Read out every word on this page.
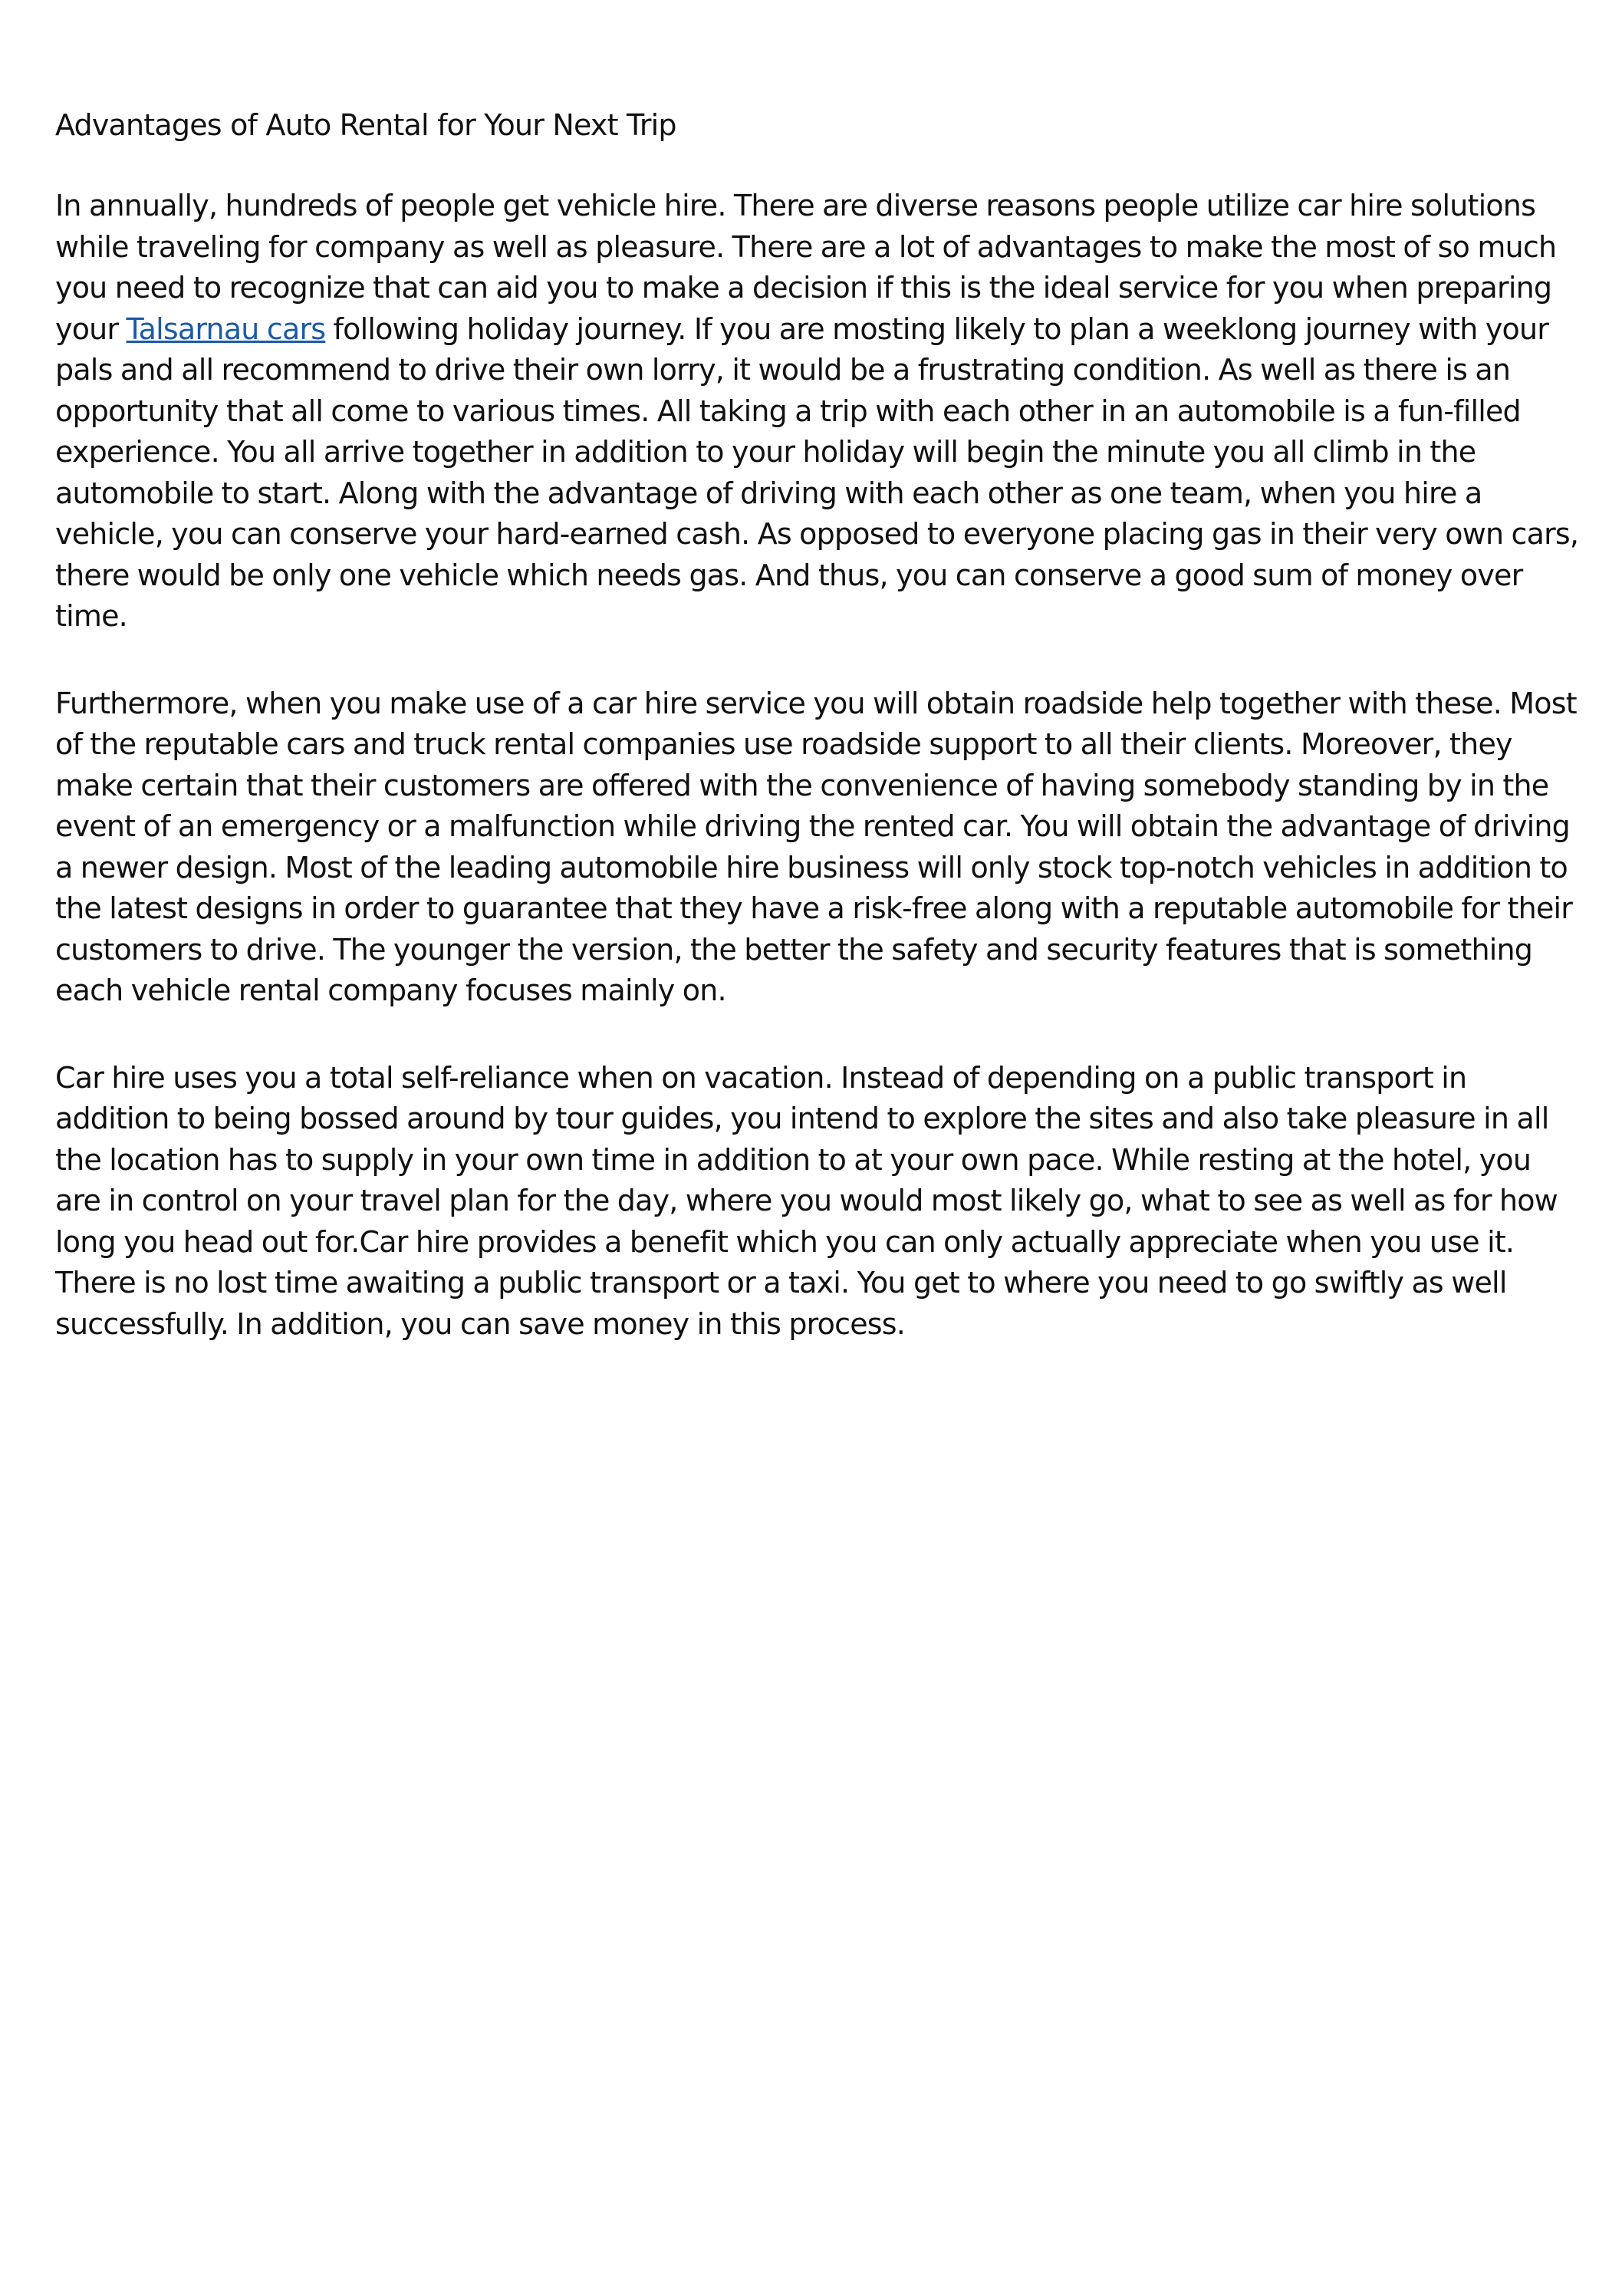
Advantages of Auto Rental for Your Next Trip

In annually, hundreds of people get vehicle hire. There are diverse reasons people utilize car hire solutions while traveling for company as well as pleasure. There are a lot of advantages to make the most of so much you need to recognize that can aid you to make a decision if this is the ideal service for you when preparing your Talsarnau cars following holiday journey. If you are mosting likely to plan a weeklong journey with your pals and all recommend to drive their own lorry, it would be a frustrating condition. As well as there is an opportunity that all come to various times. All taking a trip with each other in an automobile is a fun-filled experience. You all arrive together in addition to your holiday will begin the minute you all climb in the automobile to start. Along with the advantage of driving with each other as one team, when you hire a vehicle, you can conserve your hard-earned cash. As opposed to everyone placing gas in their very own cars, there would be only one vehicle which needs gas. And thus, you can conserve a good sum of money over time.

Furthermore, when you make use of a car hire service you will obtain roadside help together with these. Most of the reputable cars and truck rental companies use roadside support to all their clients. Moreover, they make certain that their customers are offered with the convenience of having somebody standing by in the event of an emergency or a malfunction while driving the rented car. You will obtain the advantage of driving a newer design. Most of the leading automobile hire business will only stock top-notch vehicles in addition to the latest designs in order to guarantee that they have a risk-free along with a reputable automobile for their customers to drive. The younger the version, the better the safety and security features that is something each vehicle rental company focuses mainly on.

Car hire uses you a total self-reliance when on vacation. Instead of depending on a public transport in addition to being bossed around by tour guides, you intend to explore the sites and also take pleasure in all the location has to supply in your own time in addition to at your own pace. While resting at the hotel, you are in control on your travel plan for the day, where you would most likely go, what to see as well as for how long you head out for.Car hire provides a benefit which you can only actually appreciate when you use it. There is no lost time awaiting a public transport or a taxi. You get to where you need to go swiftly as well successfully. In addition, you can save money in this process.
